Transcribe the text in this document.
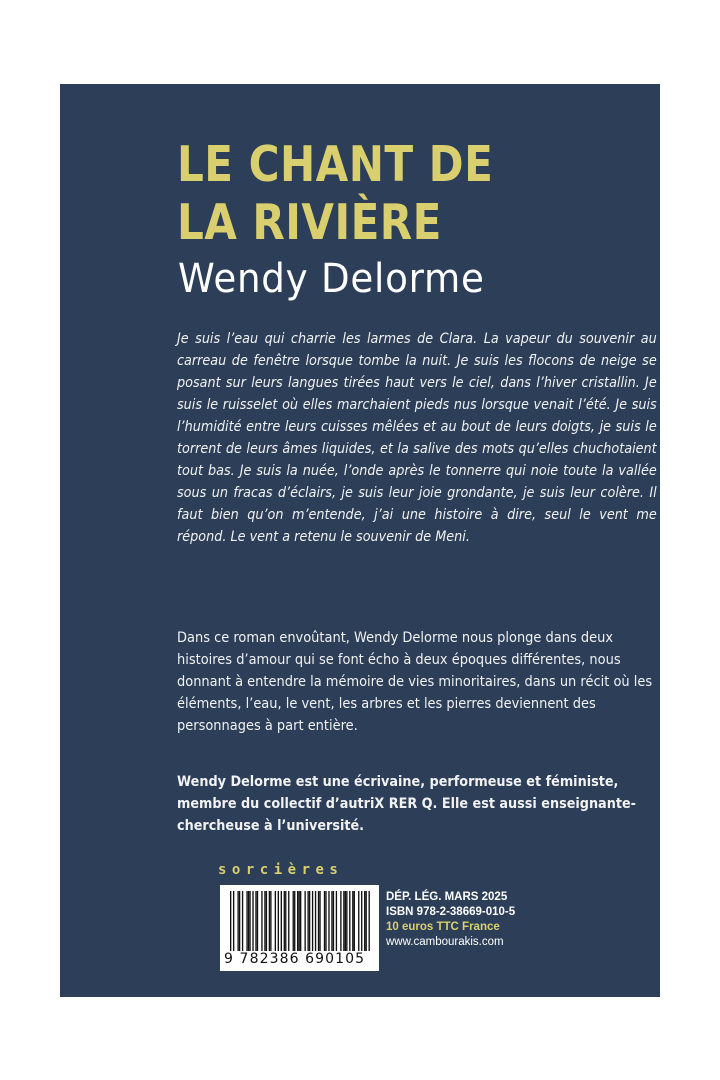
LE CHANT DE
LA RIVIÈRE
Wendy Delorme
Je suis l’eau qui charrie les larmes de Clara. La vapeur du souvenir au carreau de fenêtre lorsque tombe la nuit. Je suis les flocons de neige se posant sur leurs langues tirées haut vers le ciel, dans l’hiver cristallin. Je suis le ruisselet où elles marchaient pieds nus lorsque venait l’été. Je suis l’humidité entre leurs cuisses mêlées et au bout de leurs doigts, je suis le torrent de leurs âmes liquides, et la salive des mots qu’elles chuchotaient tout bas. Je suis la nuée, l’onde après le tonnerre qui noie toute la vallée sous un fracas d’éclairs, je suis leur joie grondante, je suis leur colère. Il faut bien qu’on m’entende, j’ai une histoire à dire, seul le vent me répond. Le vent a retenu le souvenir de Meni.
Dans ce roman envoûtant, Wendy Delorme nous plonge dans deux histoires d’amour qui se font écho à deux époques différentes, nous donnant à entendre la mémoire de vies minoritaires, dans un récit où les éléments, l’eau, le vent, les arbres et les pierres deviennent des personnages à part entière.
Wendy Delorme est une écrivaine, performeuse et féministe, membre du collectif d’autriX RER Q. Elle est aussi enseignante-chercheuse à l’université.
sorcières
9 782386 690105
DÉP. LÉG. MARS 2025
ISBN 978-2-38669-010-5
10 euros TTC France
www.cambourakis.com
